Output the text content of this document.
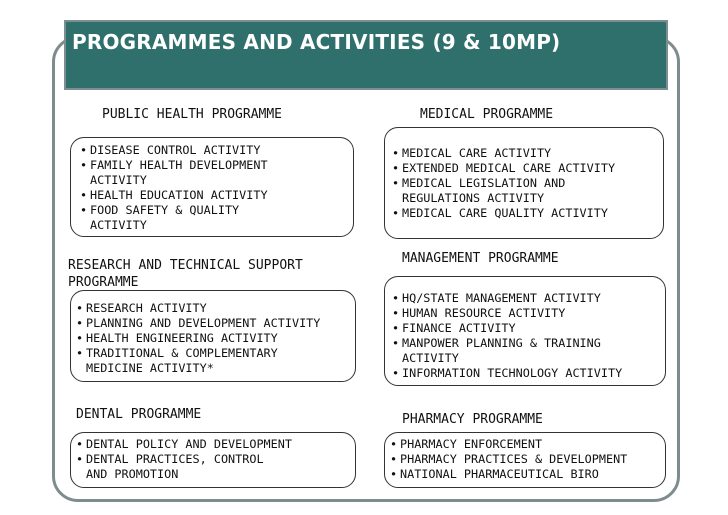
PROGRAMMES AND ACTIVITIES (9 & 10MP)
PUBLIC HEALTH PROGRAMME
• DISEASE CONTROL ACTIVITY
• FAMILY HEALTH DEVELOPMENT
ACTIVITY
• HEALTH EDUCATION ACTIVITY
• FOOD SAFETY & QUALITY
ACTIVITY
MEDICAL PROGRAMME
• MEDICAL CARE ACTIVITY
• EXTENDED MEDICAL CARE ACTIVITY
• MEDICAL LEGISLATION AND
REGULATIONS ACTIVITY
• MEDICAL CARE QUALITY ACTIVITY
RESEARCH AND TECHNICAL SUPPORT
PROGRAMME
• RESEARCH ACTIVITY
• PLANNING AND DEVELOPMENT ACTIVITY
• HEALTH ENGINEERING ACTIVITY
• TRADITIONAL & COMPLEMENTARY
MEDICINE ACTIVITY*
MANAGEMENT PROGRAMME
• HQ/STATE MANAGEMENT ACTIVITY
• HUMAN RESOURCE ACTIVITY
• FINANCE ACTIVITY
• MANPOWER PLANNING & TRAINING
ACTIVITY
• INFORMATION TECHNOLOGY ACTIVITY
DENTAL PROGRAMME
• DENTAL POLICY AND DEVELOPMENT
• DENTAL PRACTICES, CONTROL
AND PROMOTION
PHARMACY PROGRAMME
• PHARMACY ENFORCEMENT
• PHARMACY PRACTICES & DEVELOPMENT
• NATIONAL PHARMACEUTICAL BIRO
